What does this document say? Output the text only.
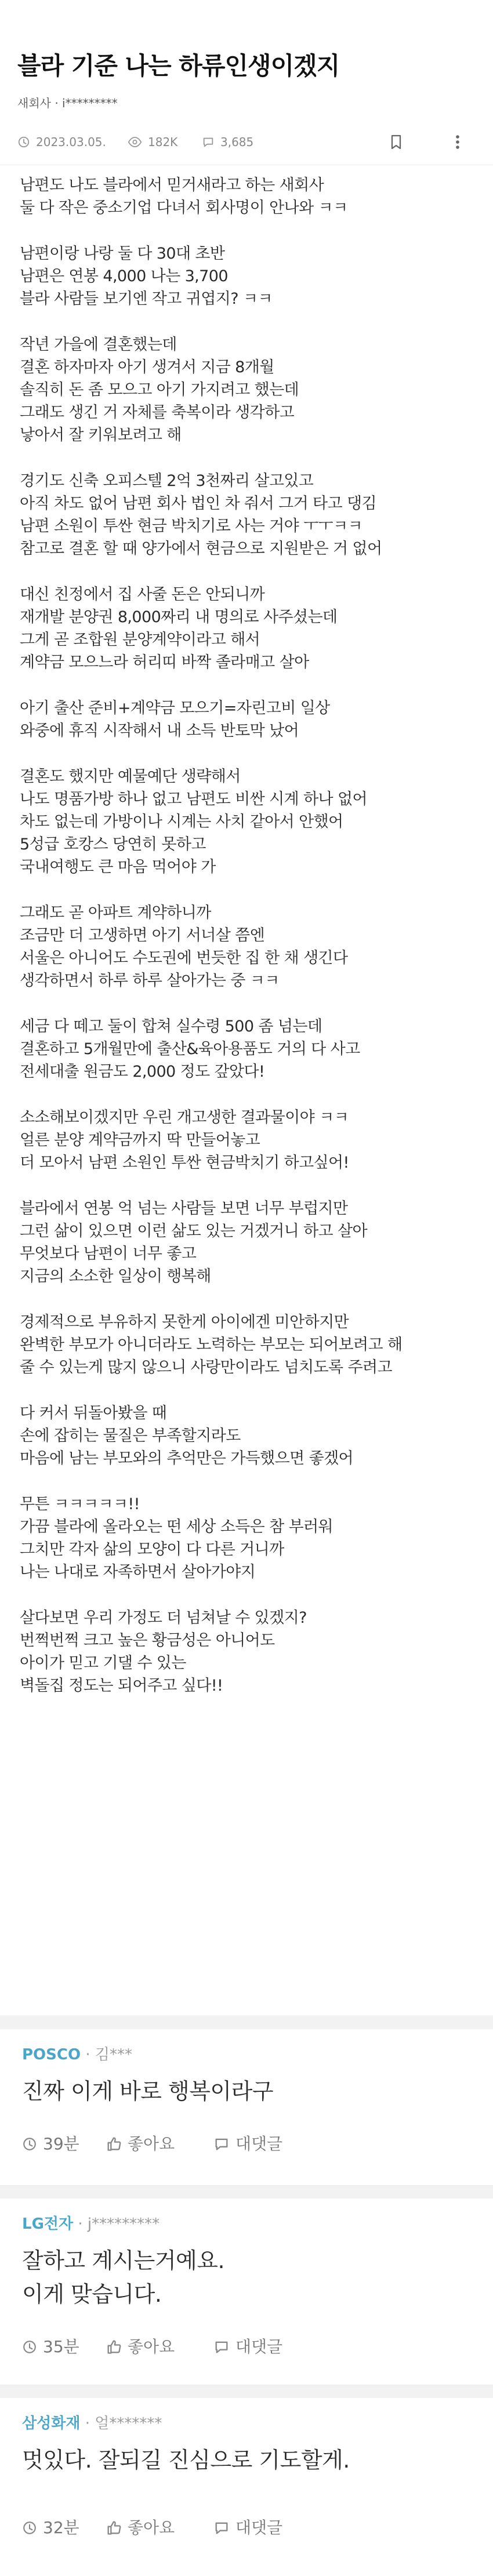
블라 기준 나는 하류인생이겠지
새회사 · i*********
2023.03.05.	182K	3,685
남편도 나도 블라에서 믿거새라고 하는 새회사
둘 다 작은 중소기업 다녀서 회사명이 안나와 ㅋㅋ
남편이랑 나랑 둘 다 30대 초반
남편은 연봉 4,000 나는 3,700
블라 사람들 보기엔 작고 귀엽지? ㅋㅋ
작년 가을에 결혼했는데
결혼 하자마자 아기 생겨서 지금 8개월
솔직히 돈 좀 모으고 아기 가지려고 했는데
그래도 생긴 거 자체를 축복이라 생각하고
낳아서 잘 키워보려고 해
경기도 신축 오피스텔 2억 3천짜리 살고있고
아직 차도 없어 남편 회사 법인 차 줘서 그거 타고 댕김
남편 소원이 투싼 현금 박치기로 사는 거야 ㅜㅜㅋㅋ
참고로 결혼 할 때 양가에서 현금으로 지원받은 거 없어
대신 친정에서 집 사줄 돈은 안되니까
재개발 분양권 8,000짜리 내 명의로 사주셨는데
그게 곧 조합원 분양계약이라고 해서
계약금 모으느라 허리띠 바짝 졸라매고 살아
아기 출산 준비+계약금 모으기=자린고비 일상
와중에 휴직 시작해서 내 소득 반토막 났어
결혼도 했지만 예물예단 생략해서
나도 명품가방 하나 없고 남편도 비싼 시계 하나 없어
차도 없는데 가방이나 시계는 사치 같아서 안했어
5성급 호캉스 당연히 못하고
국내여행도 큰 마음 먹어야 가
그래도 곧 아파트 계약하니까
조금만 더 고생하면 아기 서너살 쯤엔
서울은 아니어도 수도권에 번듯한 집 한 채 생긴다
생각하면서 하루 하루 살아가는 중 ㅋㅋ
세금 다 떼고 둘이 합쳐 실수령 500 좀 넘는데
결혼하고 5개월만에 출산&육아용품도 거의 다 사고
전세대출 원금도 2,000 정도 갚았다!
소소해보이겠지만 우린 개고생한 결과물이야 ㅋㅋ
얼른 분양 계약금까지 딱 만들어놓고
더 모아서 남편 소원인 투싼 현금박치기 하고싶어!
블라에서 연봉 억 넘는 사람들 보면 너무 부럽지만
그런 삶이 있으면 이런 삶도 있는 거겠거니 하고 살아
무엇보다 남편이 너무 좋고
지금의 소소한 일상이 행복해
경제적으로 부유하지 못한게 아이에겐 미안하지만
완벽한 부모가 아니더라도 노력하는 부모는 되어보려고 해
줄 수 있는게 많지 않으니 사랑만이라도 넘치도록 주려고
다 커서 뒤돌아봤을 때
손에 잡히는 물질은 부족할지라도
마음에 남는 부모와의 추억만은 가득했으면 좋겠어
무튼 ㅋㅋㅋㅋㅋ!!
가끔 블라에 올라오는 떤 세상 소득은 참 부러워
그치만 각자 삶의 모양이 다 다른 거니까
나는 나대로 자족하면서 살아가야지
살다보면 우리 가정도 더 넘쳐날 수 있겠지?
번쩍번쩍 크고 높은 황금성은 아니어도
아이가 믿고 기댈 수 있는
벽돌집 정도는 되어주고 싶다!!
POSCO · 김***
진짜 이게 바로 행복이라구
39분	좋아요	대댓글
LG전자 · j*********
잘하고 계시는거예요.
이게 맞습니다.
35분	좋아요	대댓글
삼성화재 · 얼*******
멋있다. 잘되길 진심으로 기도할게.
32분	좋아요	대댓글
